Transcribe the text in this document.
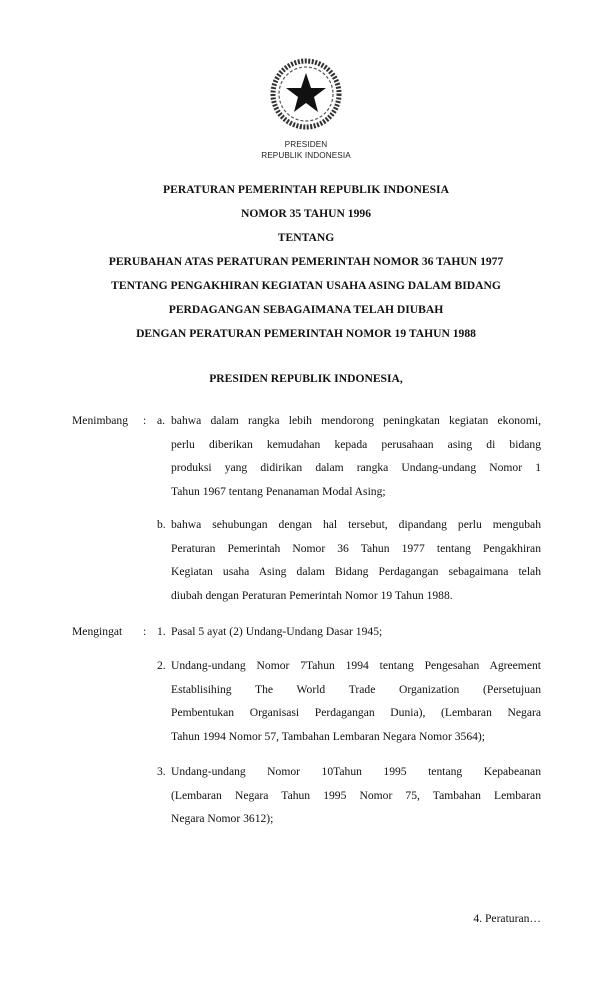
PRESIDEN
REPUBLIK INDONESIA
PERATURAN PEMERINTAH REPUBLIK INDONESIA
NOMOR 35 TAHUN 1996
TENTANG
PERUBAHAN ATAS PERATURAN PEMERINTAH NOMOR 36 TAHUN 1977
TENTANG PENGAKHIRAN KEGIATAN USAHA ASING DALAM BIDANG
PERDAGANGAN SEBAGAIMANA TELAH DIUBAH
DENGAN PERATURAN PEMERINTAH NOMOR 19 TAHUN 1988
PRESIDEN REPUBLIK INDONESIA,
Menimbang : a. bahwa dalam rangka lebih mendorong peningkatan kegiatan ekonomi,
perlu diberikan kemudahan kepada perusahaan asing di bidang
produksi yang didirikan dalam rangka Undang-undang Nomor 1
Tahun 1967 tentang Penanaman Modal Asing;
b. bahwa sehubungan dengan hal tersebut, dipandang perlu mengubah
Peraturan Pemerintah Nomor 36 Tahun 1977 tentang Pengakhiran
Kegiatan usaha Asing dalam Bidang Perdagangan sebagaimana telah
diubah dengan Peraturan Pemerintah Nomor 19 Tahun 1988.
Mengingat : 1. Pasal 5 ayat (2) Undang-Undang Dasar 1945;
2. Undang-undang Nomor 7Tahun 1994 tentang Pengesahan Agreement
Establisihing The World Trade Organization (Persetujuan
Pembentukan Organisasi Perdagangan Dunia), (Lembaran Negara
Tahun 1994 Nomor 57, Tambahan Lembaran Negara Nomor 3564);
3. Undang-undang Nomor 10Tahun 1995 tentang Kepabeanan
(Lembaran Negara Tahun 1995 Nomor 75, Tambahan Lembaran
Negara Nomor 3612);
4. Peraturan…
